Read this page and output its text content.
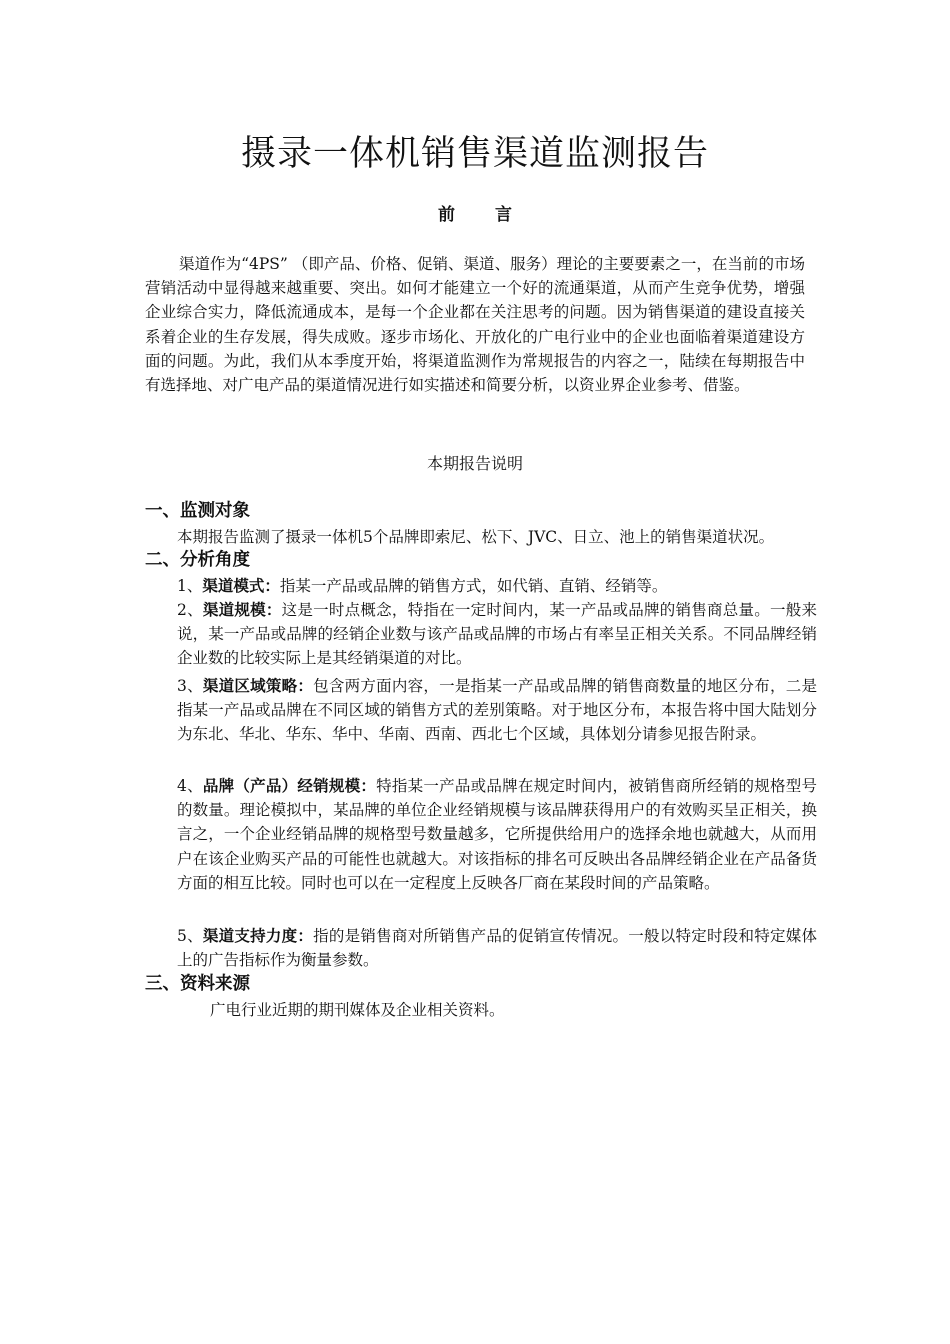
摄录一体机销售渠道监测报告
前言

渠道作为“4PS” （即产品、价格、促销、渠道、服务）理论的主要要素之一，在当前的市场营销活动中显得越来越重要、突出。如何才能建立一个好的流通渠道，从而产生竞争优势，增强企业综合实力，降低流通成本，是每一个企业都在关注思考的问题。因为销售渠道的建设直接关系着企业的生存发展，得失成败。逐步市场化、开放化的广电行业中的企业也面临着渠道建设方面的问题。为此，我们从本季度开始，将渠道监测作为常规报告的内容之一，陆续在每期报告中有选择地、对广电产品的渠道情况进行如实描述和简要分析，以资业界企业参考、借鉴。

本期报告说明
一、监测对象

本期报告监测了摄录一体机5个品牌即索尼、松下、JVC、日立、池上的销售渠道状况。

二、分析角度

1、渠道模式：指某一产品或品牌的销售方式，如代销、直销、经销等。

2、渠道规模：这是一时点概念，特指在一定时间内，某一产品或品牌的销售商总量。一般来说，某一产品或品牌的经销企业数与该产品或品牌的市场占有率呈正相关关系。不同品牌经销企业数的比较实际上是其经销渠道的对比。

3、渠道区域策略：包含两方面内容，一是指某一产品或品牌的销售商数量的地区分布，二是指某一产品或品牌在不同区域的销售方式的差别策略。对于地区分布，本报告将中国大陆划分为东北、华北、华东、华中、华南、西南、西北七个区域，具体划分请参见报告附录。

4、品牌（产品）经销规模：特指某一产品或品牌在规定时间内，被销售商所经销的规格型号的数量。理论模拟中，某品牌的单位企业经销规模与该品牌获得用户的有效购买呈正相关，换言之，一个企业经销品牌的规格型号数量越多，它所提供给用户的选择余地也就越大，从而用户在该企业购买产品的可能性也就越大。对该指标的排名可反映出各品牌经销企业在产品备货方面的相互比较。同时也可以在一定程度上反映各厂商在某段时间的产品策略。

5、渠道支持力度：指的是销售商对所销售产品的促销宣传情况。一般以特定时段和特定媒体上的广告指标作为衡量参数。

三、资料来源

广电行业近期的期刊媒体及企业相关资料。
